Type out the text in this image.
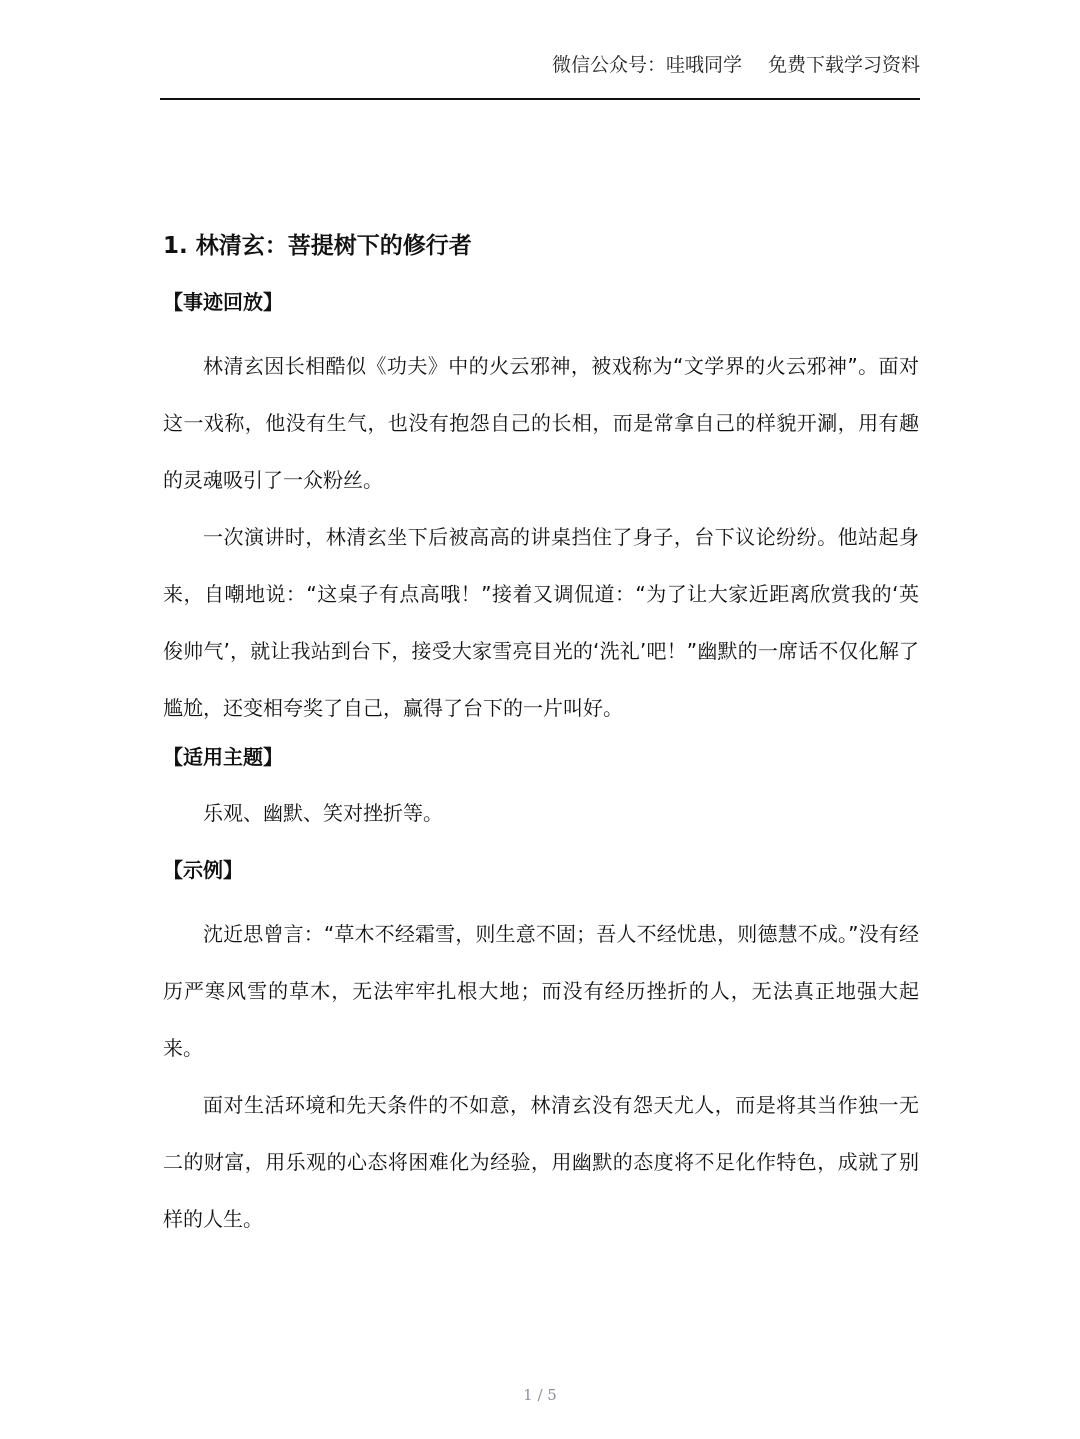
微信公众号：哇哦同学 免费下载学习资料
1. 林清玄：菩提树下的修行者
【事迹回放】

林清玄因长相酷似《功夫》中的火云邪神，被戏称为“文学界的火云邪神”。面对这一戏称，他没有生气，也没有抱怨自己的长相，而是常拿自己的样貌开涮，用有趣的灵魂吸引了一众粉丝。

一次演讲时，林清玄坐下后被高高的讲桌挡住了身子，台下议论纷纷。他站起身来，自嘲地说：“这桌子有点高哦！”接着又调侃道：“为了让大家近距离欣赏我的‘英俊帅气’，就让我站到台下，接受大家雪亮目光的‘洗礼’吧！”幽默的一席话不仅化解了尴尬，还变相夸奖了自己，赢得了台下的一片叫好。

【适用主题】

乐观、幽默、笑对挫折等。

【示例】

沈近思曾言：“草木不经霜雪，则生意不固；吾人不经忧患，则德慧不成。”没有经历严寒风雪的草木，无法牢牢扎根大地；而没有经历挫折的人，无法真正地强大起来。

面对生活环境和先天条件的不如意，林清玄没有怨天尤人，而是将其当作独一无二的财富，用乐观的心态将困难化为经验，用幽默的态度将不足化作特色，成就了别样的人生。

1 / 5
